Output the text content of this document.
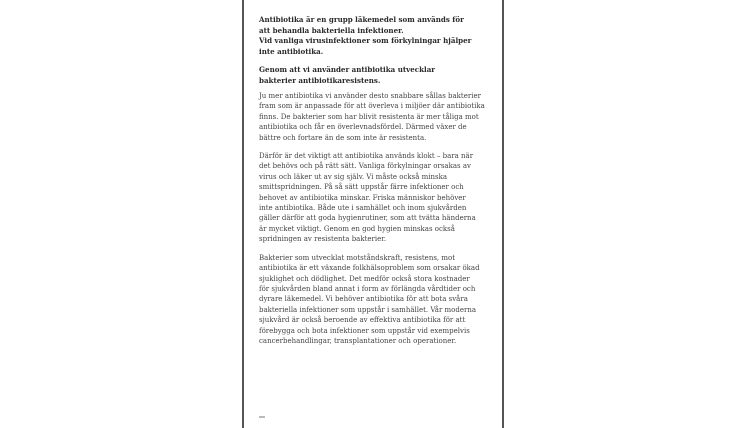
Antibiotika är en grupp läkemedel som används för
att behandla bakteriella infektioner.
Vid vanliga virusinfektioner som förkylningar hjälper
inte antibiotika.

Genom att vi använder antibiotika utvecklar
bakterier antibiotikaresistens.

Ju mer antibiotika vi använder desto snabbare sållas bakterier
fram som är anpassade för att överleva i miljöer där antibiotika
finns. De bakterier som har blivit resistenta är mer tåliga mot
antibiotika och får en överlevnadsfördel. Därmed växer de
bättre och fortare än de som inte är resistenta.

Därför är det viktigt att antibiotika används klokt – bara när
det behövs och på rätt sätt. Vanliga förkylningar orsakas av
virus och läker ut av sig själv. Vi måste också minska
smittspridningen. På så sätt uppstår färre infektioner och
behovet av antibiotika minskar. Friska människor behöver
inte antibiotika. Både ute i samhället och inom sjukvården
gäller därför att goda hygienrutiner, som att tvätta händerna
är mycket viktigt. Genom en god hygien minskas också
spridningen av resistenta bakterier.

Bakterier som utvecklat motståndskraft, resistens, mot
antibiotika är ett växande folkhälsoproblem som orsakar ökad
sjuklighet och dödlighet. Det medför också stora kostnader
för sjukvården bland annat i form av förlängda vårdtider och
dyrare läkemedel. Vi behöver antibiotika för att bota svåra
bakteriella infektioner som uppstår i samhället. Vår moderna
sjukvård är också beroende av effektiva antibiotika för att
förebygga och bota infektioner som uppstår vid exempelvis
cancerbehandlingar, transplantationer och operationer.
